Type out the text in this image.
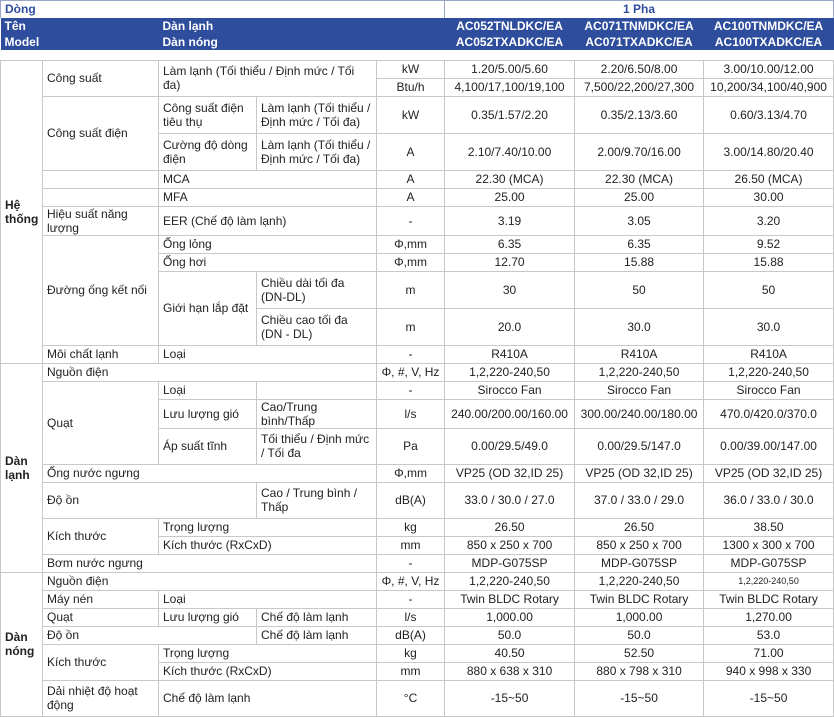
Dòng					1 Pha		
Tên		Dàn lạnh			AC052TNLDKC/EA	AC071TNMDKC/EA	AC100TNMDKC/EA
Model		Dàn nóng			AC052TXADKC/EA	AC071TXADKC/EA	AC100TXADKC/EA

Hệ thống	Công suất	Làm lạnh (Tối thiểu / Định mức / Tối đa)		kW	1.20/5.00/5.60	2.20/6.50/8.00	3.00/10.00/12.00
				Btu/h	4,100/17,100/19,100	7,500/22,200/27,300	10,200/34,100/40,900
	Công suất điện	Công suất điện tiêu thụ	Làm lạnh (Tối thiểu / Định mức / Tối đa)	kW	0.35/1.57/2.20	0.35/2.13/3.60	0.60/3.13/4.70
		Cường độ dòng điện	Làm lạnh (Tối thiểu / Định mức / Tối đa)	A	2.10/7.40/10.00	2.00/9.70/16.00	3.00/14.80/20.40
		MCA		A	22.30 (MCA)	22.30 (MCA)	26.50 (MCA)
		MFA		A	25.00	25.00	30.00
	Hiệu suất năng lượng	EER (Chế độ làm lạnh)		-	3.19	3.05	3.20
	Đường ống kết nối	Ống lỏng		Φ,mm	6.35	6.35	9.52
		Ống hơi		Φ,mm	12.70	15.88	15.88
		Giới hạn lắp đặt	Chiều dài tối đa (DN-DL)	m	30	50	50
			Chiều cao tối đa (DN - DL)	m	20.0	30.0	30.0
	Môi chất lạnh	Loại		-	R410A	R410A	R410A
Dàn lạnh	Nguồn điện			Φ, #, V, Hz	1,2,220-240,50	1,2,220-240,50	1,2,220-240,50
	Quạt	Loại		-	Sirocco Fan	Sirocco Fan	Sirocco Fan
		Lưu lượng gió	Cao/Trung bình/Thấp	l/s	240.00/200.00/160.00	300.00/240.00/180.00	470.0/420.0/370.0
		Áp suất tĩnh	Tối thiểu / Định mức / Tối đa	Pa	0.00/29.5/49.0	0.00/29.5/147.0	0.00/39.00/147.00
	Ống nước ngưng			Φ,mm	VP25 (OD 32,ID 25)	VP25 (OD 32,ID 25)	VP25 (OD 32,ID 25)
	Độ ồn		Cao / Trung bình / Thấp	dB(A)	33.0 / 30.0 / 27.0	37.0 / 33.0 / 29.0	36.0 / 33.0 / 30.0
	Kích thước	Trọng lượng		kg	26.50	26.50	38.50
		Kích thước (RxCxD)		mm	850 x 250 x 700	850 x 250 x 700	1300 x 300 x 700
	Bơm nước ngưng			-	MDP-G075SP	MDP-G075SP	MDP-G075SP
Dàn nóng	Nguồn điện			Φ, #, V, Hz	1,2,220-240,50	1,2,220-240,50	1,2,220-240,50
	Máy nén	Loại		-	Twin BLDC Rotary	Twin BLDC Rotary	Twin BLDC Rotary
	Quạt	Lưu lượng gió	Chế độ làm lạnh	l/s	1,000.00	1,000.00	1,270.00
	Độ ồn		Chế độ làm lạnh	dB(A)	50.0	50.0	53.0
	Kích thước	Trọng lượng		kg	40.50	52.50	71.00
		Kích thước (RxCxD)		mm	880 x 638 x 310	880 x 798 x 310	940 x 998 x 330
	Dải nhiệt độ hoạt động	Chế độ làm lạnh		°C	-15~50	-15~50	-15~50
